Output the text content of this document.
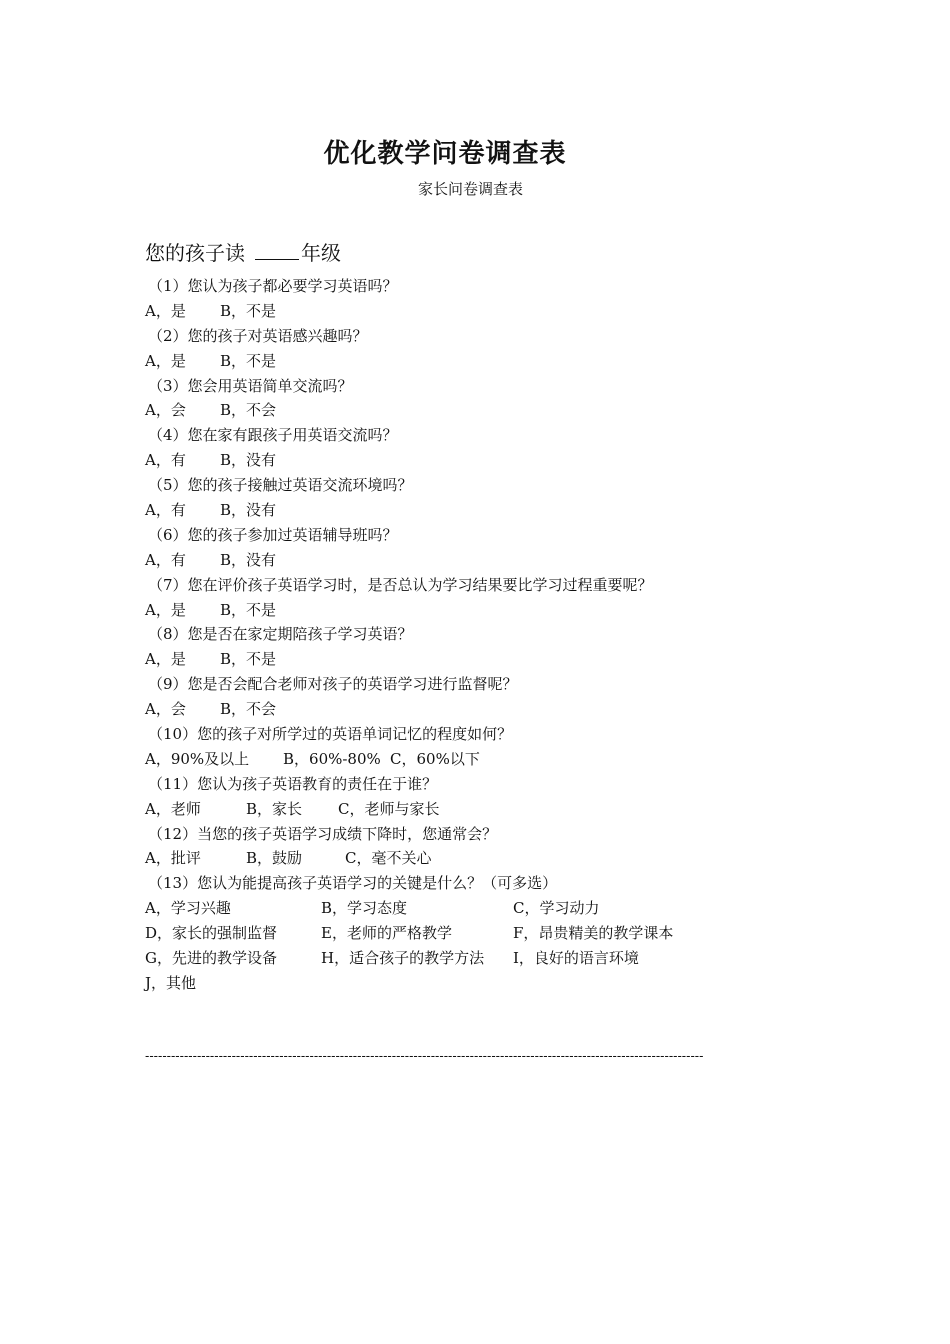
优化教学问卷调查表
家长问卷调查表
您的孩子读	年级
（1）您认为孩子都必要学习英语吗？
A，是 B，不是
（2）您的孩子对英语感兴趣吗？
A，是 B，不是
（3）您会用英语简单交流吗？
A，会 B，不会
（4）您在家有跟孩子用英语交流吗？
A，有 B，没有
（5）您的孩子接触过英语交流环境吗？
A，有 B，没有
（6）您的孩子参加过英语辅导班吗？
A，有 B，没有
（7）您在评价孩子英语学习时，是否总认为学习结果要比学习过程重要呢？
A，是 B，不是
（8）您是否在家定期陪孩子学习英语？
A，是 B，不是
（9）您是否会配合老师对孩子的英语学习进行监督呢？
A，会 B，不会
（10）您的孩子对所学过的英语单词记忆的程度如何？
A，90%及以上 B，60%-80% C，60%以下
（11）您认为孩子英语教育的责任在于谁？
A，老师	B，家长 C，老师与家长
（12）当您的孩子英语学习成绩下降时，您通常会？
A，批评	B，鼓励	C，毫不关心
（13）您认为能提高孩子英语学习的关键是什么？（可多选）
A，学习兴趣	B，学习态度	C，学习动力
D，家长的强制监督	E，老师的严格教学	F，昂贵精美的教学课本
G，先进的教学设备	H，适合孩子的教学方法 I，良好的语言环境
J，其他
---------------------------------------------------------------------------------------------------------------------------------
